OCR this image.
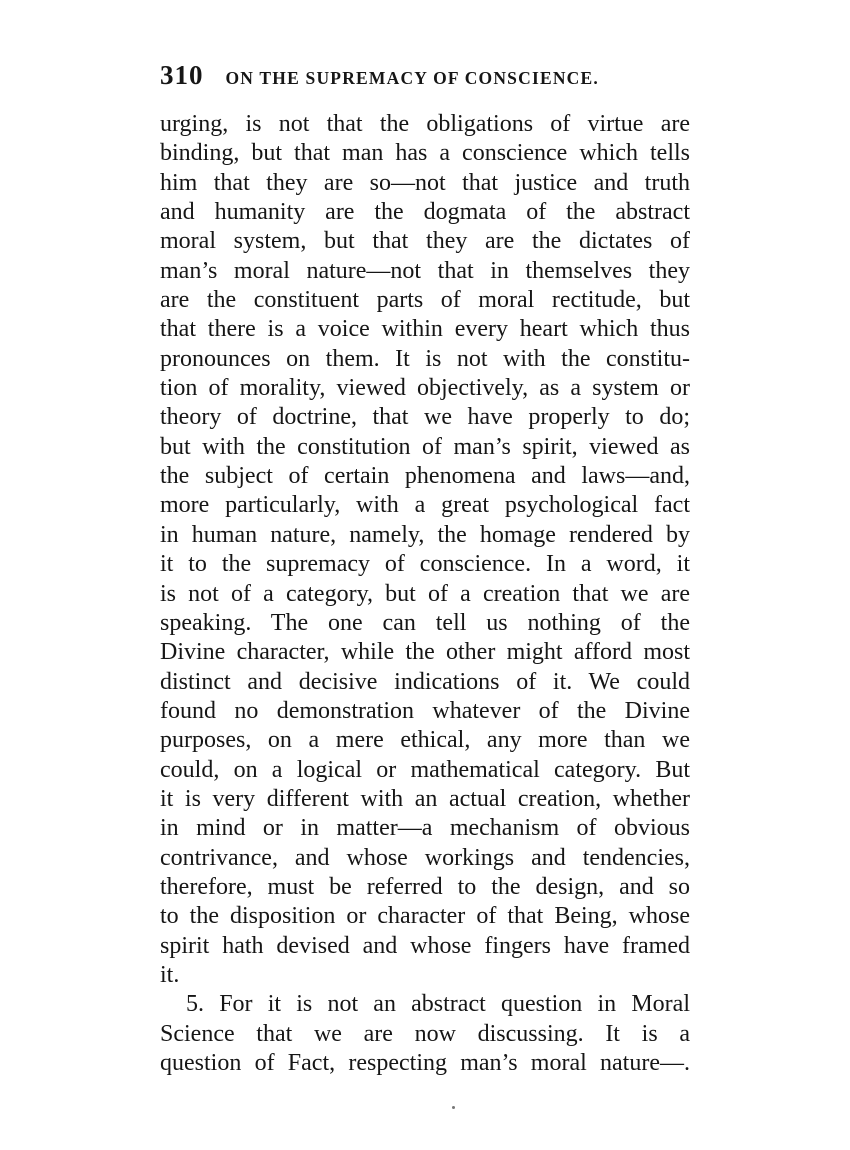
310 ON THE SUPREMACY OF CONSCIENCE.
urging, is not that the obligations of virtue are
binding, but that man has a conscience which tells
him that they are so—not that justice and truth
and humanity are the dogmata of the abstract
moral system, but that they are the dictates of
man’s moral nature—not that in themselves they
are the constituent parts of moral rectitude, but
that there is a voice within every heart which thus
pronounces on them. It is not with the constitu-
tion of morality, viewed objectively, as a system or
theory of doctrine, that we have properly to do;
but with the constitution of man’s spirit, viewed as
the subject of certain phenomena and laws—and,
more particularly, with a great psychological fact
in human nature, namely, the homage rendered by
it to the supremacy of conscience. In a word, it
is not of a category, but of a creation that we are
speaking. The one can tell us nothing of the
Divine character, while the other might afford most
distinct and decisive indications of it. We could
found no demonstration whatever of the Divine
purposes, on a mere ethical, any more than we
could, on a logical or mathematical category. But
it is very different with an actual creation, whether
in mind or in matter—a mechanism of obvious
contrivance, and whose workings and tendencies,
therefore, must be referred to the design, and so
to the disposition or character of that Being, whose
spirit hath devised and whose fingers have framed
it.
5. For it is not an abstract question in Moral
Science that we are now discussing. It is a
question of Fact, respecting man’s moral nature—.
